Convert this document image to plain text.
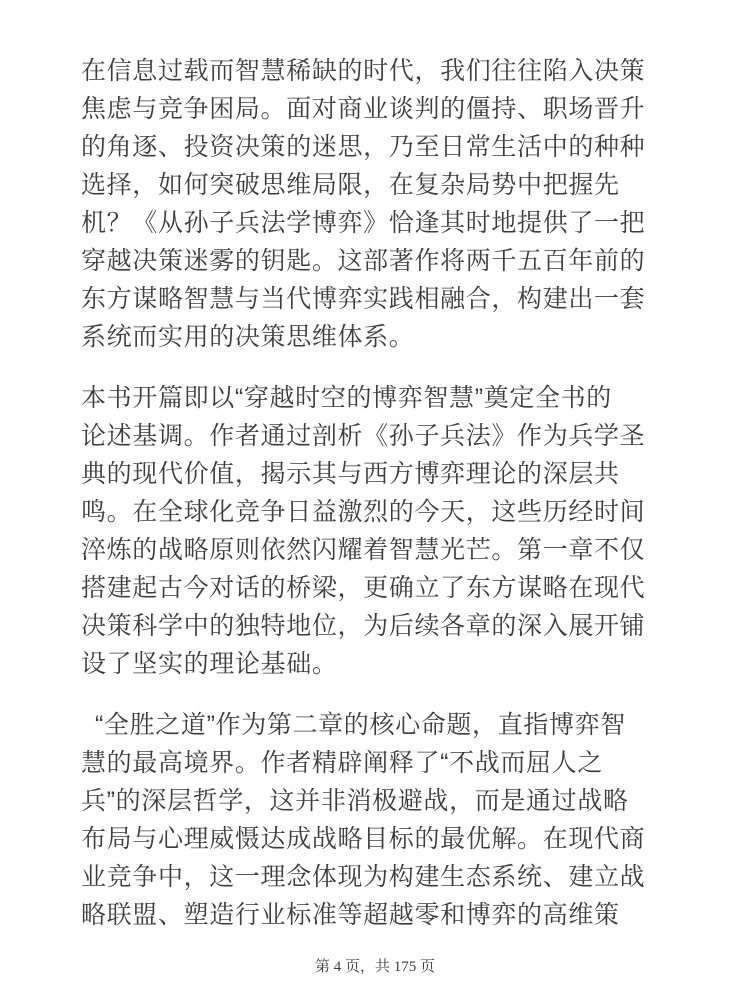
在信息过载而智慧稀缺的时代，我们往往陷入决策
焦虑与竞争困局。面对商业谈判的僵持、职场晋升
的角逐、投资决策的迷思，乃至日常生活中的种种
选择，如何突破思维局限，在复杂局势中把握先
机？《从孙子兵法学博弈》恰逢其时地提供了一把
穿越决策迷雾的钥匙。这部著作将两千五百年前的
东方谋略智慧与当代博弈实践相融合，构建出一套
系统而实用的决策思维体系。
本书开篇即以“穿越时空的博弈智慧”奠定全书的
论述基调。作者通过剖析《孙子兵法》作为兵学圣
典的现代价值，揭示其与西方博弈理论的深层共
鸣。在全球化竞争日益激烈的今天，这些历经时间
淬炼的战略原则依然闪耀着智慧光芒。第一章不仅
搭建起古今对话的桥梁，更确立了东方谋略在现代
决策科学中的独特地位，为后续各章的深入展开铺
设了坚实的理论基础。
“全胜之道”作为第二章的核心命题，直指博弈智
慧的最高境界。作者精辟阐释了“不战而屈人之
兵”的深层哲学，这并非消极避战，而是通过战略
布局与心理威慑达成战略目标的最优解。在现代商
业竞争中，这一理念体现为构建生态系统、建立战
略联盟、塑造行业标准等超越零和博弈的高维策
第 4 页，共 175 页
